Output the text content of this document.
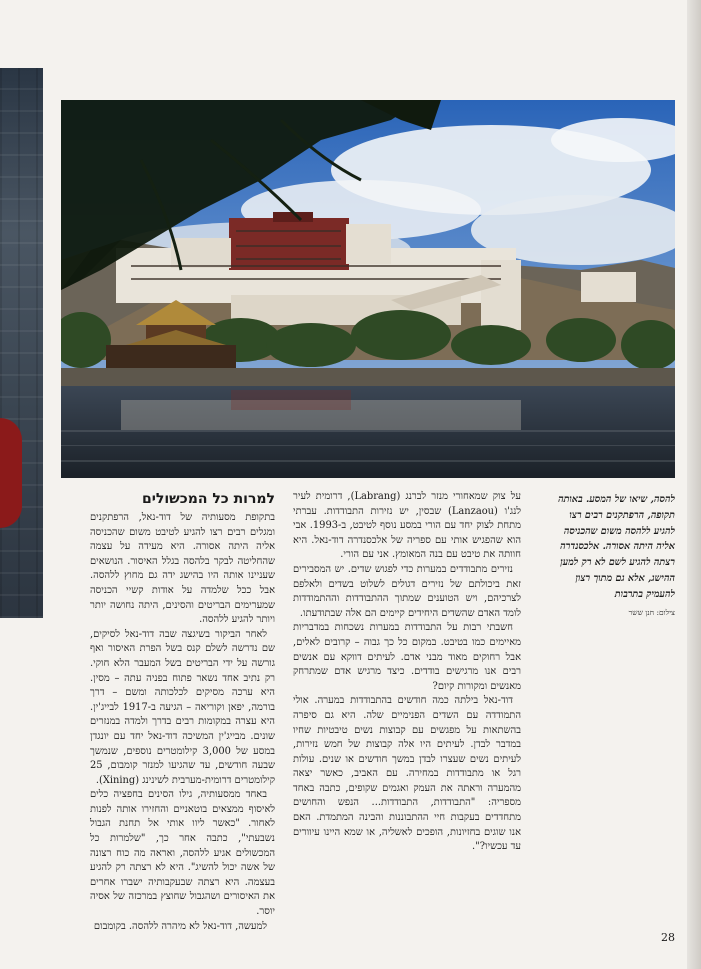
להסה, שיאו של המסע. באותה תקופה, הרפתקנים רבים רצו להגיע ללהסה משום שהכניסה אליה היתה אסורה. אלכסנדרה רצתה להגיע לשם לא רק למען ההישג, אלא גם מתוך רצון להעמיק בתרבות
צילום: חנן ששר

על צוק שמאחורי מנזר לברנג (Labrang), דרומית לעיר לנג'ו (Lanzaou) שבסין, יש נזירות התבודדות. עברתי מתחת לצוק יחד עם הורי במסע נוסף לטיבט, ב-1993. אבי הוא שהפגיש אותי עם ספריה של אלכסנדרה דוד-נאל. היא חוותה את טיבט עם בנה המאומץ. אני עם הורי.

נזירים מתבודדים במערות כדי לפגוש שדים. יש המסבירים זאת ביכולתם של נזירים דגולים לשלוט בשדים ולאלפם לצרכיהם, ויש הטוענים שמתוך ההתבודדות וההתמודדות לומד האדם שהשדים היחידים קיימים הם אלה שבתודעתו.

חשבתי רבות על התבודדות במערות נשכחות במדבריות מאיימים כמו בטיבט. במקום כל כך גבוה – קרובים לאלים, אבל רחוקים מאוד מבני אדם. לעיתים דווקא עם אנשים רבים אנו מרגישים בודדים. כיצד מרגיש אדם שמתרחק מאנשים ומקורות קיום?

דוד-נאל בילתה כמה חודשים בהתבודדות במערה. אולי התמודדה עם השדים הפנימיים שלה. היא גם סיפרה בהשתאות על מפגשים עם קבוצות נשים טיבטיות שחיו במדבר לבדן. לעיתים היו אלה קבוצות של חמש נזירות, לעיתים נשים שעצרו לבדן במשך חודשים או שנים. עולות רגל או מתבודדות במחירה. עם האביב, כאשר יצאה מהמערה וראתה את העמק ואגמים שקופים, כתבה באחד מספריה: "התבודדות, התבודדות... הנפש והחושים מתחדדים בעקבות חיי ההתבוננות והבינה המתמדת. האם אנו שוגים בחזיונות, הופכים לאשליה, או שמא היינו עיוורים עד עכשיו?".

למרות כל המכשולים

בתקופת מסעותיה של דוד-נאל, הרפתקנים ומגלים רבים רצו להגיע לטיבט משום שהכניסה אליה היתה אסורה. היא מעידה על עצמה שהחליטה לבקר בלהסה בגלל האיסור. הנושאים שעניינו אותה היו בהישג ידה גם מחוץ ללהסה. אבל ככל שלמדה על אודות קשיי הכניסה שמערימים הבריטים והסינים, היתה נחושה יותר ויותר להגיע ללהסה.

לאחר הביקור בשיגצה שבה דוד-נאל לסיקים, שם נדרשה לשלם קנס בשל הפרת האיסור ואף גורשה על ידי הבריטים בשל המעבר הלא חוקי. רק נתיב אחד נשאר פתוח בפניה עתה – מסין. היא ערכה מסיקים לכלכותה ומשם – דרך בורמה, יפאן וקוריאה – הגיעה ב-1917 לבייג'ין. היא עצרה במקומות רבים בדרך ולמדה במנזרים שונים. מבייג'ין המשיכה דוד-נאל יחד עם יונגדן במסע של 3,000 קילומטרים נוספים, שנמשך שבעה חודשים, עד שהגיעו למנזר קומבום, 25 קילומטרים דרומית-מערבית לשינינג (Xining).

באחד ממסעותיה, גילו הסינים בחפציה כלים לאיסוף ממצאים בוטאניים והחזירו אותה לפנות לאחור. "כאשר ליוו אותי אל תחנת הגבול נשבעתי", כתבה אחר כך, "שלמרות כל המכשולים אגיע ללהסה, ואראה מה כוח רצונה של אשה יכול להשיג". היא לא רצתה רק להגיע בעצמה. היא רצתה שבעקבותיה ישברו אחרים את האיסורים ושהגבול שחוצץ במרכזה של אסיה יוסר.

למעשה, דוד-נאל לא מיהרה ללהסה. בקומבום

28
